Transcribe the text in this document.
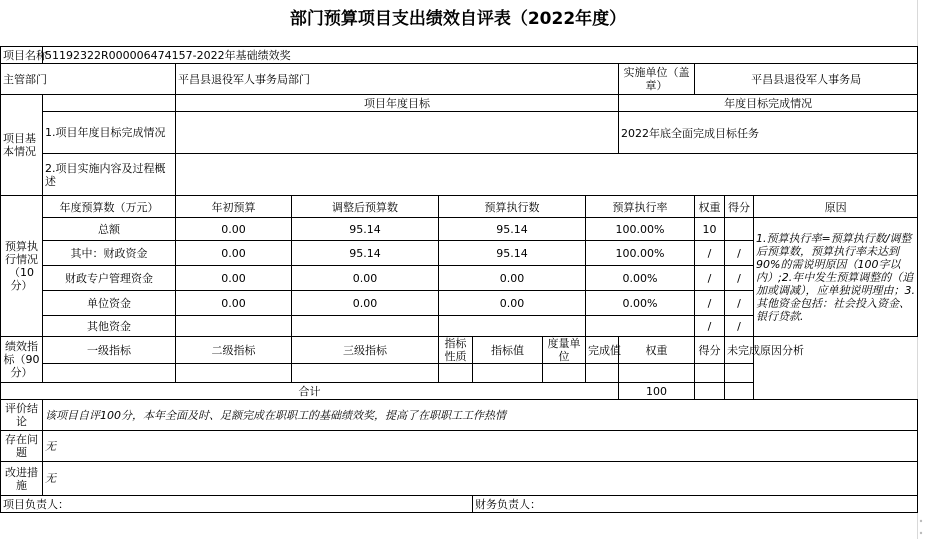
部门预算项目支出绩效自评表（2022年度）
项目名称	51192322R000006474157-2022年基础绩效奖										
主管部门		平昌县退役军人事务局部门						实施单位（盖章）	平昌县退役军人事务局		
项目基本情况		项目年度目标						年度目标完成情况			
	1.项目年度目标完成情况							2022年底全面完成目标任务			
	2.项目实施内容及过程概述										
预算执行情况（10分）	年度预算数（万元）	年初预算	调整后预算数	预算执行数			预算执行率		权重	得分	原因
	总额	0.00	95.14	95.14			100.00%		10		1.预算执行率=预算执行数/调整后预算数，预算执行率未达到90%的需说明原因（100字以内）;2.年中发生预算调整的（追加或调减），应单独说明理由；3.其他资金包括：社会投入资金、银行贷款.
	其中：财政资金	0.00	95.14	95.14			100.00%		/	/	
	财政专户管理资金	0.00	0.00	0.00			0.00%		/	/	
	单位资金	0.00	0.00	0.00			0.00%		/	/	
	其他资金								/	/	
绩效指标（90分）	一级指标	二级指标	三级指标	指标性质	指标值	度量单位	完成值	权重	得分	未完成原因分析	

合计								100			
评价结论	该项目自评100分，本年全面及时、足额完成在职职工的基础绩效奖，提高了在职职工工作热情										
存在问题	无										
改进措施	无										
项目负责人：					财务负责人：						
